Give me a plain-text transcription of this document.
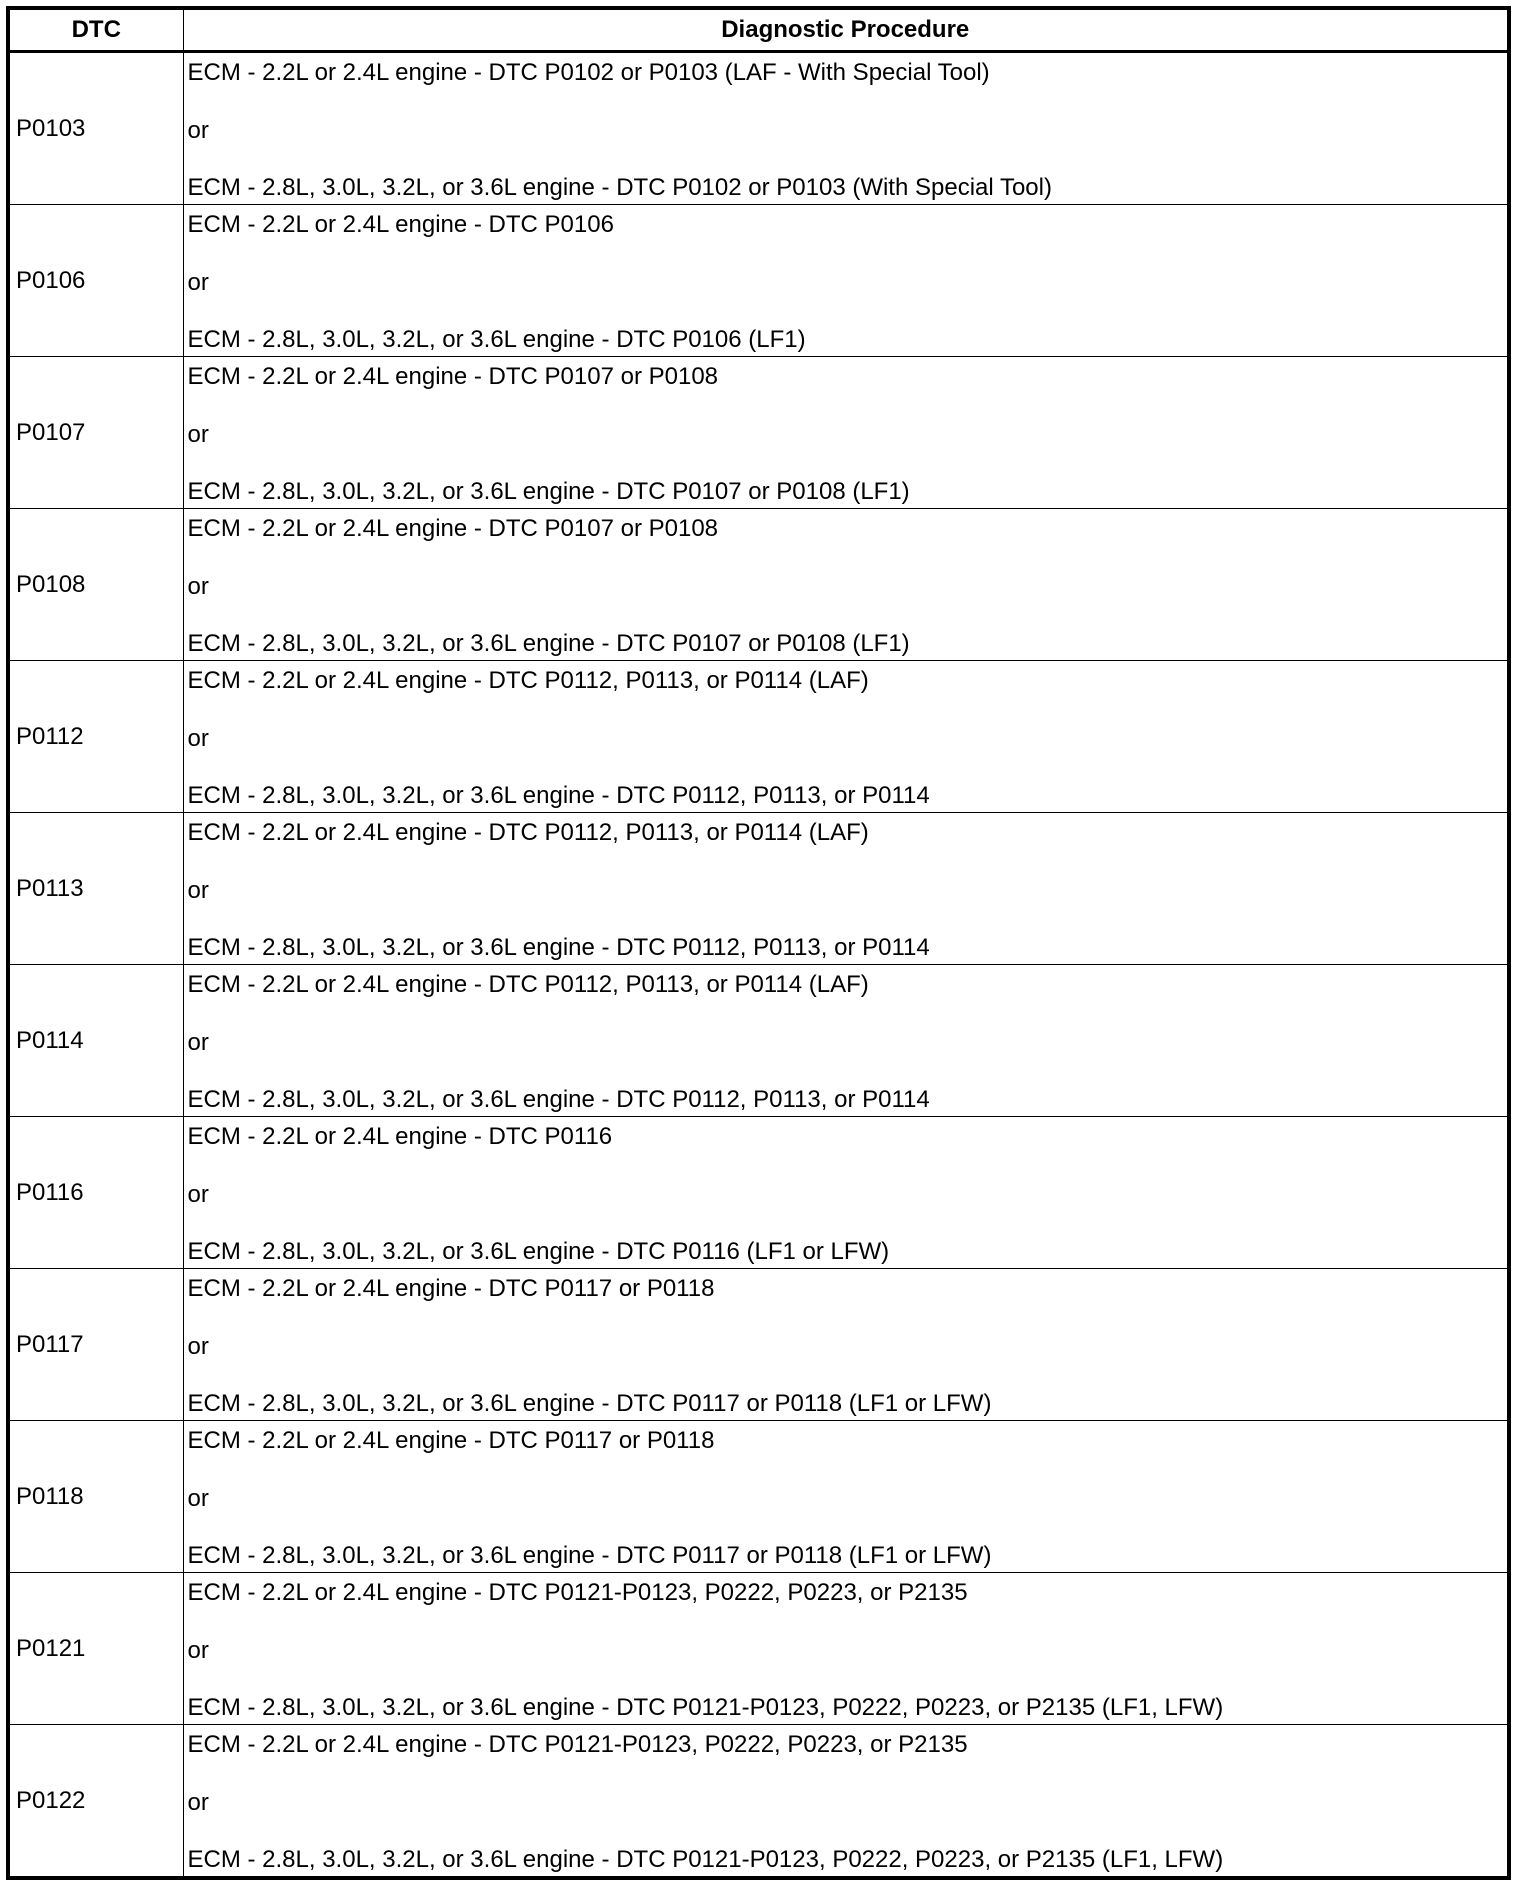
DTC	Diagnostic Procedure
P0103	ECM - 2.2L or 2.4L engine - DTC P0102 or P0103 (LAF - With Special Tool)
or
ECM - 2.8L, 3.0L, 3.2L, or 3.6L engine - DTC P0102 or P0103 (With Special Tool)

P0106	ECM - 2.2L or 2.4L engine - DTC P0106
or
ECM - 2.8L, 3.0L, 3.2L, or 3.6L engine - DTC P0106 (LF1)

P0107	ECM - 2.2L or 2.4L engine - DTC P0107 or P0108
or
ECM - 2.8L, 3.0L, 3.2L, or 3.6L engine - DTC P0107 or P0108 (LF1)

P0108	ECM - 2.2L or 2.4L engine - DTC P0107 or P0108
or
ECM - 2.8L, 3.0L, 3.2L, or 3.6L engine - DTC P0107 or P0108 (LF1)

P0112	ECM - 2.2L or 2.4L engine - DTC P0112, P0113, or P0114 (LAF)
or
ECM - 2.8L, 3.0L, 3.2L, or 3.6L engine - DTC P0112, P0113, or P0114

P0113	ECM - 2.2L or 2.4L engine - DTC P0112, P0113, or P0114 (LAF)
or
ECM - 2.8L, 3.0L, 3.2L, or 3.6L engine - DTC P0112, P0113, or P0114

P0114	ECM - 2.2L or 2.4L engine - DTC P0112, P0113, or P0114 (LAF)
or
ECM - 2.8L, 3.0L, 3.2L, or 3.6L engine - DTC P0112, P0113, or P0114

P0116	ECM - 2.2L or 2.4L engine - DTC P0116
or
ECM - 2.8L, 3.0L, 3.2L, or 3.6L engine - DTC P0116 (LF1 or LFW)

P0117	ECM - 2.2L or 2.4L engine - DTC P0117 or P0118
or
ECM - 2.8L, 3.0L, 3.2L, or 3.6L engine - DTC P0117 or P0118 (LF1 or LFW)

P0118	ECM - 2.2L or 2.4L engine - DTC P0117 or P0118
or
ECM - 2.8L, 3.0L, 3.2L, or 3.6L engine - DTC P0117 or P0118 (LF1 or LFW)

P0121	ECM - 2.2L or 2.4L engine - DTC P0121-P0123, P0222, P0223, or P2135
or
ECM - 2.8L, 3.0L, 3.2L, or 3.6L engine - DTC P0121-P0123, P0222, P0223, or P2135 (LF1, LFW)

P0122	ECM - 2.2L or 2.4L engine - DTC P0121-P0123, P0222, P0223, or P2135
or
ECM - 2.8L, 3.0L, 3.2L, or 3.6L engine - DTC P0121-P0123, P0222, P0223, or P2135 (LF1, LFW)
